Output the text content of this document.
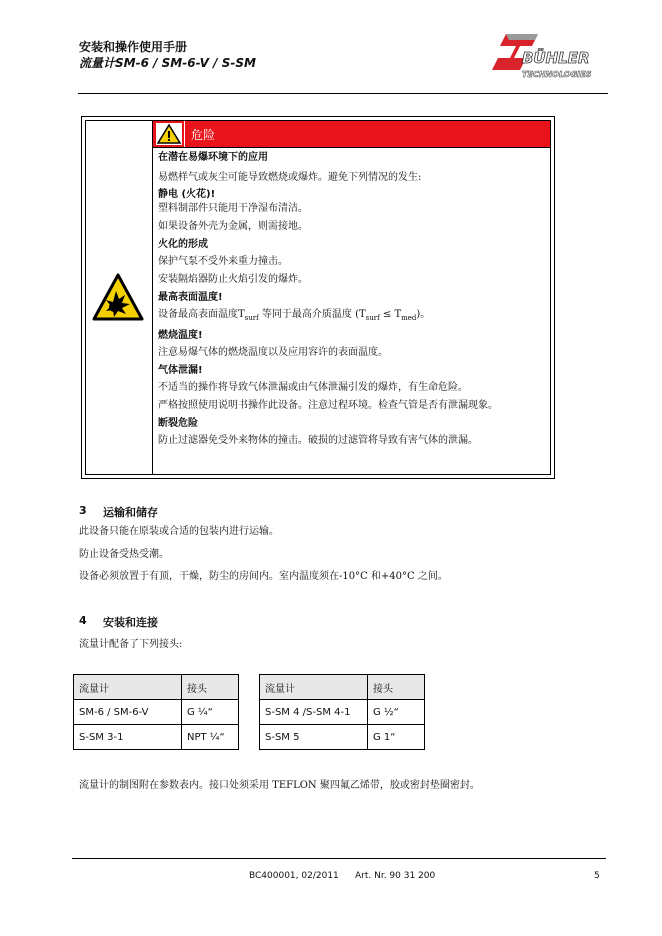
安装和操作使用手册
流量计SM-6 / SM-6-V / S-SM	BÜHLER
TECHNOLOGIES
危险

在潜在易爆环境下的应用

易燃样气或灰尘可能导致燃烧或爆炸。避免下列情况的发生:

静电 (火花)!

塑料制部件只能用干净湿布清洁。

如果设备外壳为金属，则需接地。

火化的形成

保护气泵不受外来重力撞击。

安装隔焰器防止火焰引发的爆炸。

最高表面温度!

设备最高表面温度$T_{surf}$ 等同于最高介质温度 $(T_{surf} \le T_{med})$。

燃烧温度!

注意易爆气体的燃烧温度以及应用容许的表面温度。

气体泄漏!

不适当的操作将导致气体泄漏或由气体泄漏引发的爆炸，有生命危险。

严格按照使用说明书操作此设备。注意过程环境。检查气管是否有泄漏现象。

断裂危险

防止过滤器免受外来物体的撞击。破损的过滤管将导致有害气体的泄漏。

3 运输和储存
此设备只能在原装或合适的包装内进行运输。
防止设备受热受潮。
设备必须放置于有顶，干燥，防尘的房间内。室内温度须在-10°C 和+40°C 之间。
4 安装和连接
流量计配备了下列接头:
流量计	接头
SM-6 / SM-6-V	G ¼“
S-SM 3-1	NPT ¼“
流量计	接头
S-SM 4 /S-SM 4-1	G ½“
S-SM 5	G 1“
流量计的制图附在参数表内。接口处须采用 TEFLON 聚四氟乙烯带，胶或密封垫圈密封。
BC400001, 02/2011 Art. Nr. 90 31 200	5
